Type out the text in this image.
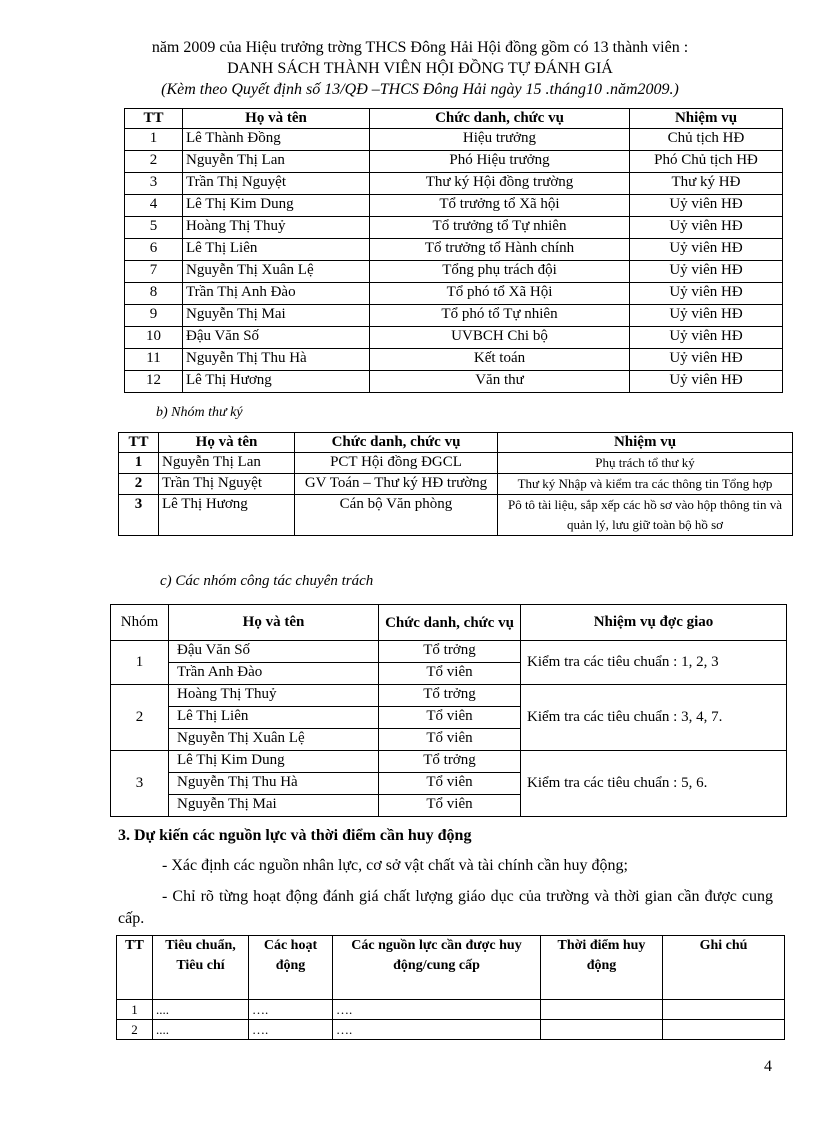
năm 2009 của Hiệu trưởng trờng THCS Đông Hải Hội đồng gồm có 13 thành viên :
DANH SÁCH THÀNH VIÊN HỘI ĐỒNG TỰ ĐÁNH GIÁ
(Kèm theo Quyết định số 13/QĐ –THCS Đông Hải ngày 15 .tháng10 .năm2009.)
TT	Họ và tên	Chức danh, chức vụ	Nhiệm vụ
1	Lê Thành Đồng	Hiệu trưởng	Chủ tịch HĐ
2	Nguyễn Thị Lan	Phó Hiệu trưởng	Phó Chủ tịch HĐ
3	Trần Thị Nguyệt	Thư ký Hội đồng trường	Thư ký HĐ
4	Lê Thị Kim Dung	Tổ trưởng tổ Xã hội	Uỷ viên HĐ
5	Hoàng Thị Thuỷ	Tổ trưởng tổ Tự nhiên	Uỷ viên HĐ
6	Lê Thị Liên	Tổ trưởng tổ Hành chính	Uỷ viên HĐ
7	Nguyễn Thị Xuân Lệ	Tổng phụ trách đội	Uỷ viên HĐ
8	Trần Thị Anh Đào	Tổ phó tổ Xã Hội	Uỷ viên HĐ
9	Nguyễn Thị Mai	Tổ phó tổ Tự nhiên	Uỷ viên HĐ
10	Đậu Văn Số	UVBCH Chi bộ	Uỷ viên HĐ
11	Nguyễn Thị Thu Hà	Kết toán	Uỷ viên HĐ
12	Lê Thị Hương	Văn thư	Uỷ viên HĐ
b) Nhóm thư ký
TT	Họ và tên	Chức danh, chức vụ	Nhiệm vụ
1	Nguyễn Thị Lan	PCT Hội đồng ĐGCL	Phụ trách tổ thư ký
2	Trần Thị Nguyệt	GV Toán – Thư ký HĐ trường	Thư ký Nhập và kiểm tra các thông tin Tổng hợp
3	Lê Thị Hương	Cán bộ Văn phòng	Pô tô tài liệu, sắp xếp các hồ sơ vào hộp thông tin và quản lý, lưu giữ toàn bộ hồ sơ
c) Các nhóm công tác chuyên trách
Nhóm	Họ và tên	Chức danh, chức vụ	Nhiệm vụ đợc giao
1	Đậu Văn Số	Tổ trởng	Kiểm tra các tiêu chuẩn : 1, 2, 3
	Trần Anh Đào	Tổ viên	
2	Hoàng Thị Thuỷ	Tổ trởng	Kiểm tra các tiêu chuẩn : 3, 4, 7.
	Lê Thị Liên	Tổ viên	
	Nguyễn Thị Xuân Lệ	Tổ viên	
3	Lê Thị Kim Dung	Tổ trởng	Kiểm tra các tiêu chuẩn : 5, 6.
	Nguyễn Thị Thu Hà	Tổ viên	
	Nguyễn Thị Mai	Tổ viên	
3. Dự kiến các nguồn lực và thời điểm cần huy động
- Xác định các nguồn nhân lực, cơ sở vật chất và tài chính cần huy động;
- Chỉ rõ từng hoạt động đánh giá chất lượng giáo dục của trường và thời gian cần được cung cấp.
TT	Tiêu chuẩn, Tiêu chí	Các hoạt động	Các nguồn lực cần được huy động/cung cấp	Thời điểm huy động	Ghi chú
1	....	….	….		
2	....	….	….		
4
